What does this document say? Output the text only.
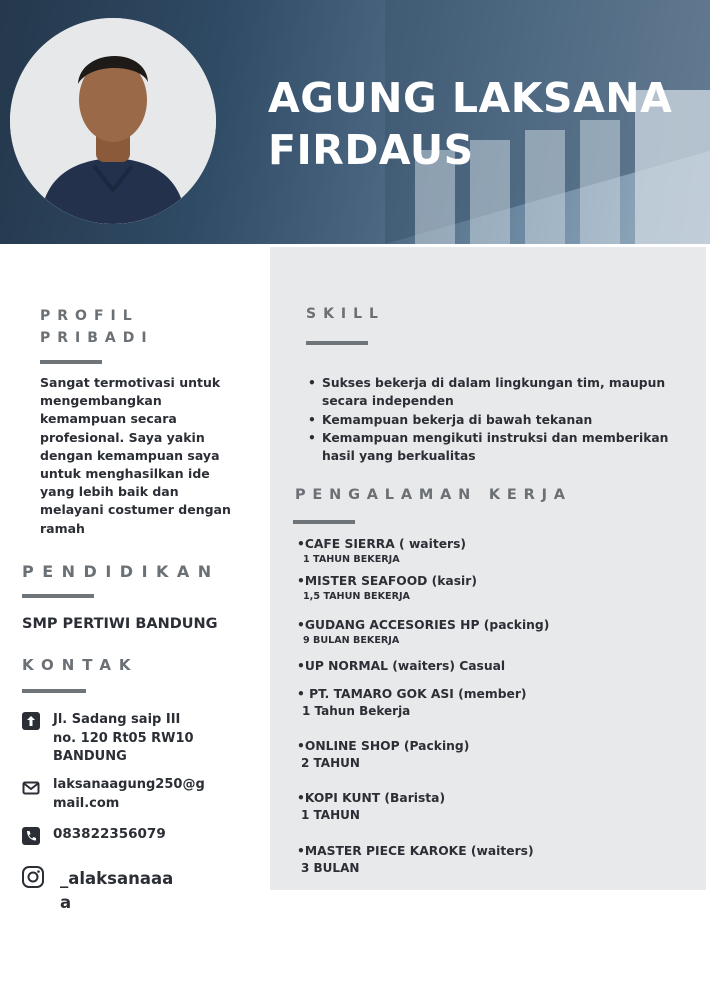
AGUNG LAKSANA FIRDAUS
PROFIL PRIBADI
Sangat termotivasi untuk mengembangkan kemampuan secara profesional. Saya yakin dengan kemampuan saya untuk menghasilkan ide yang lebih baik dan melayani costumer dengan ramah
PENDIDIKAN
SMP PERTIWI BANDUNG
KONTAK
Jl. Sadang saip III no. 120 Rt05 RW10 BANDUNG
laksanaagung250@gmail.com
083822356079
_alaksanaaaa
SKILL
• Sukses bekerja di dalam lingkungan tim, maupun secara independen
• Kemampuan bekerja di bawah tekanan
• Kemampuan mengikuti instruksi dan memberikan hasil yang berkualitas
PENGALAMAN KERJA
•CAFE SIERRA ( waiters)
1 TAHUN BEKERJA
•MISTER SEAFOOD (kasir)
1,5 TAHUN BEKERJA
•GUDANG ACCESORIES HP (packing)
9 BULAN BEKERJA
•UP NORMAL (waiters) Casual
• PT. TAMARO GOK ASI (member)
1 Tahun Bekerja
•ONLINE SHOP (Packing)
2 TAHUN
•KOPI KUNT (Barista)
1 TAHUN
•MASTER PIECE KAROKE (waiters)
3 BULAN
